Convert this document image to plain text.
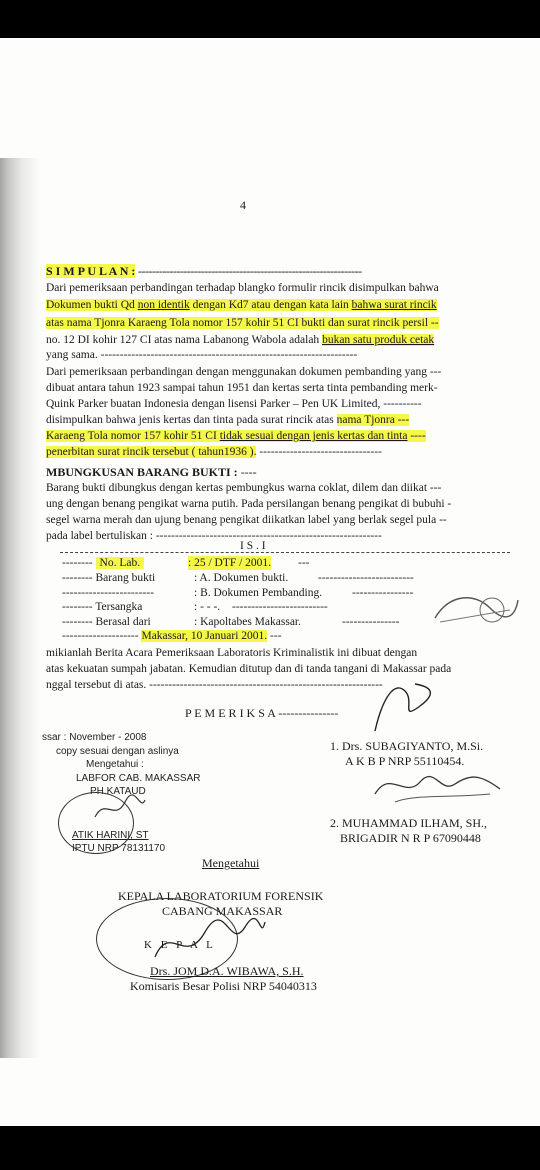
4
S I M P U L A N : ----------------------------------------------------------------
Dari pemeriksaan perbandingan terhadap blangko formulir rincik disimpulkan bahwa
Dokumen bukti Qd non identik dengan Kd7 atau dengan kata lain bahwa surat rincik
atas nama Tjonra Karaeng Tola nomor 157 kohir 51 CI bukti dan surat rincik persil --
no. 12 DI kohir 127 CI atas nama Labanong Wabola adalah bukan satu produk cetak
yang sama. -------------------------------------------------------------------
Dari pemeriksaan perbandingan dengan menggunakan dokumen pembanding yang ---
dibuat antara tahun 1923 sampai tahun 1951 dan kertas serta tinta pembanding merk-
Quink Parker buatan Indonesia dengan lisensi Parker – Pen UK Limited, ----------
disimpulkan bahwa jenis kertas dan tinta pada surat rincik atas nama Tjonra ---
Karaeng Tola nomor 157 kohir 51 CI tidak sesuai dengan jenis kertas dan tinta ----
penerbitan surat rincik tersebut ( tahun1936 ). --------------------------------
MBUNGKUSAN BARANG BUKTI : ----
Barang bukti dibungkus dengan kertas pembungkus warna coklat, dilem dan diikat ---
ung dengan benang pengikat warna putih. Pada persilangan benang pengikat di bubuhi -
segel warna merah dan ujung benang pengikat diikatkan label yang berlak segel pula --
pada label bertuliskan : -----------------------------------------------------------
I S . I
-------- No. Lab.	: 25 / DTF / 2001. ---
-------- Barang bukti	: A. Dokumen bukti.	-------------------------
------------------------	: B. Dokumen Pembanding.	----------------
-------- Tersangka	: - - -. -------------------------
-------- Berasal dari	: Kapoltabes Makassar.	---------------
-------------------- Makassar, 10 Januari 2001. ---
mikianlah Berita Acara Pemeriksaan Laboratoris Kriminalistik ini dibuat dengan
atas kekuatan sumpah jabatan. Kemudian ditutup dan di tanda tangani di Makassar pada
nggal tersebut di atas. -------------------------------------------------------------
P E M E R I K S A ---------------
1. Drs. SUBAGIYANTO, M.Si.
A K B P NRP 55110454.
2. MUHAMMAD ILHAM, SH.,
BRIGADIR N R P 67090448
ssar : November - 2008
copy sesuai dengan aslinya
Mengetahui :
LABFOR CAB. MAKASSAR
PH KATAUD
ATIK HARINI, ST
IPTU NRP 78131170
Mengetahui
KEPALA LABORATORIUM FORENSIK
CABANG MAKASSAR
K E P A L
Drs. JOM D.A. WIBAWA, S.H.
Komisaris Besar Polisi NRP 54040313
